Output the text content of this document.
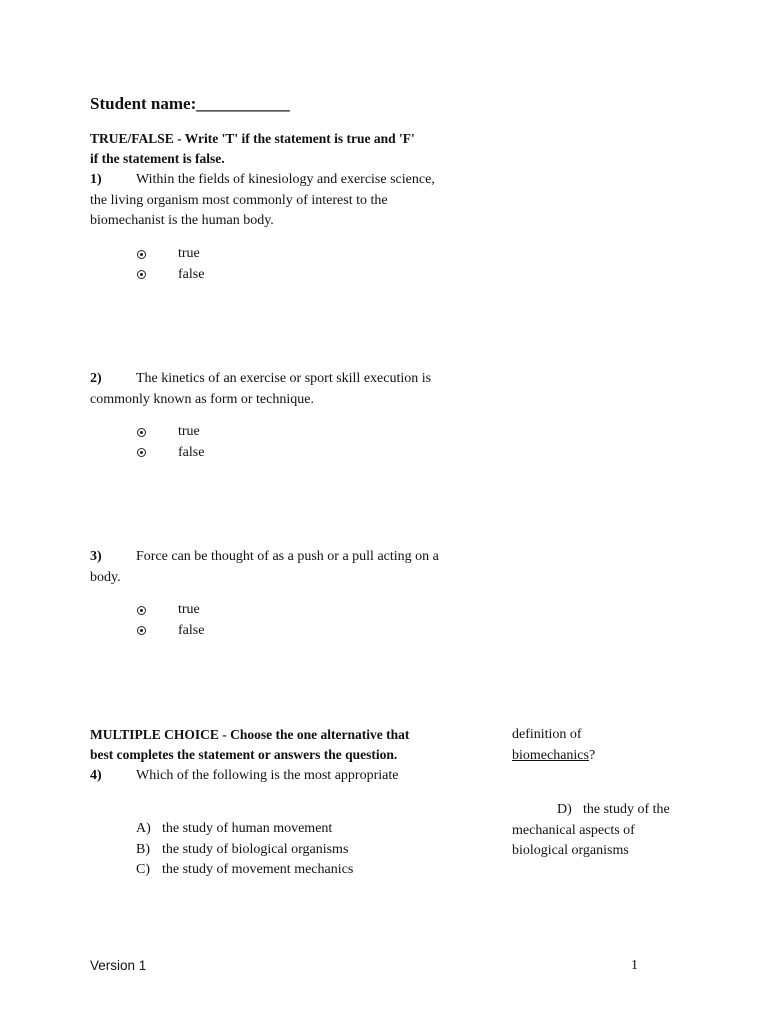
Student name:___________
TRUE/FALSE - Write 'T' if the statement is true and 'F'
if the statement is false.
1) Within the fields of kinesiology and exercise science,
the living organism most commonly of interest to the
biomechanist is the human body.
true
false
2) The kinetics of an exercise or sport skill execution is
commonly known as form or technique.
true
false
3) Force can be thought of as a push or a pull acting on a
body.
true
false
MULTIPLE CHOICE - Choose the one alternative that
best completes the statement or answers the question.
4) Which of the following is the most appropriate
definition of
biomechanics?
A) the study of human movement
B) the study of biological organisms
C) the study of movement mechanics
D) the study of the
mechanical aspects of
biological organisms
Version 1	1
